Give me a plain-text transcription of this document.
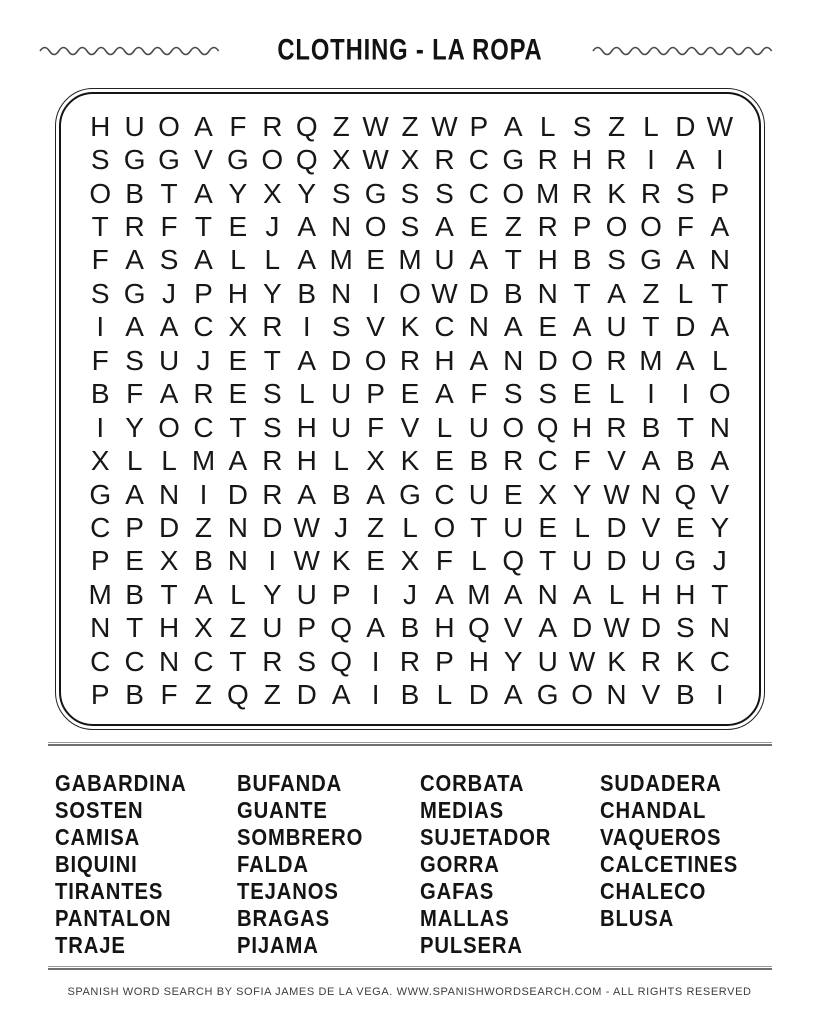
CLOTHING - LA ROPA
H U O A F R Q Z W Z W P A L S Z L D W
S G G V G O Q X W X R C G R H R I A I
O B T A Y X Y S G S S C O M R K R S P
T R F T E J A N O S A E Z R P O O F A
F A S A L L A M E M U A T H B S G A N
S G J P H Y B N I O W D B N T A Z L T
I A A C X R I S V K C N A E A U T D A
F S U J E T A D O R H A N D O R M A L
B F A R E S L U P E A F S S E L I I O
I Y O C T S H U F V L U O Q H R B T N
X L L M A R H L X K E B R C F V A B A
G A N I D R A B A G C U E X Y W N Q V
C P D Z N D W J Z L O T U E L D V E Y
P E X B N I W K E X F L Q T U D U G J
M B T A L Y U P I J A M A N A L H H T
N T H X Z U P Q A B H Q V A D W D S N
C C N C T R S Q I R P H Y U W K R K C
P B F Z Q Z D A I B L D A G O N V B I
GABARDINA
SOSTEN
CAMISA
BIQUINI
TIRANTES
PANTALON
TRAJE
BUFANDA
GUANTE
SOMBRERO
FALDA
TEJANOS
BRAGAS
PIJAMA
CORBATA
MEDIAS
SUJETADOR
GORRA
GAFAS
MALLAS
PULSERA
SUDADERA
CHANDAL
VAQUEROS
CALCETINES
CHALECO
BLUSA
SPANISH WORD SEARCH BY SOFIA JAMES DE LA VEGA. WWW.SPANISHWORDSEARCH.COM - ALL RIGHTS RESERVED
